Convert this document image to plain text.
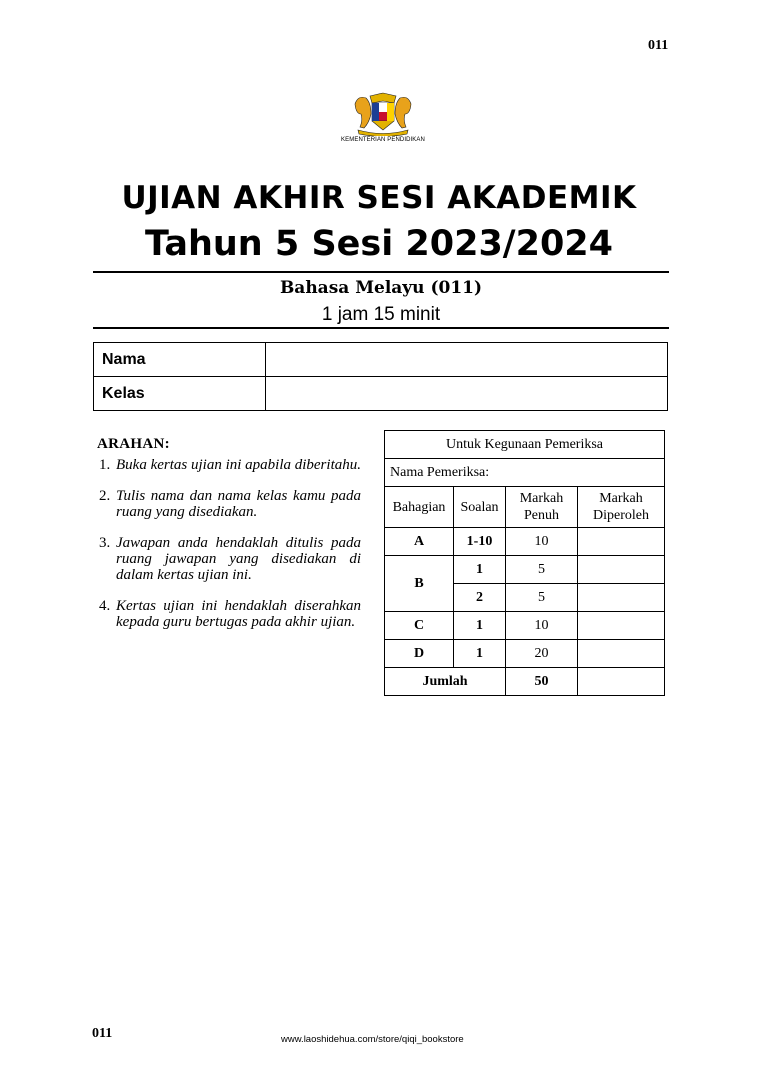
011
KEMENTERIAN PENDIDIKAN
UJIAN AKHIR SESI AKADEMIK
Tahun 5 Sesi 2023/2024
Bahasa Melayu (011)
1 jam 15 minit
Nama	
Kelas	
ARAHAN:
1. Buka kertas ujian ini apabila diberitahu.
2. Tulis nama dan nama kelas kamu pada ruang yang disediakan.
3. Jawapan anda hendaklah ditulis pada ruang jawapan yang disediakan di dalam kertas ujian ini.
4. Kertas ujian ini hendaklah diserahkan kepada guru bertugas pada akhir ujian.
Untuk Kegunaan Pemeriksa			
Nama Pemeriksa:			
Bahagian	Soalan	Markah Penuh	Markah Diperoleh
A	1-10	10	
B	1	5	
	2	5	
C	1	10	
D	1	20	
Jumlah		50	
011	www.laoshidehua.com/store/qiqi_bookstore
